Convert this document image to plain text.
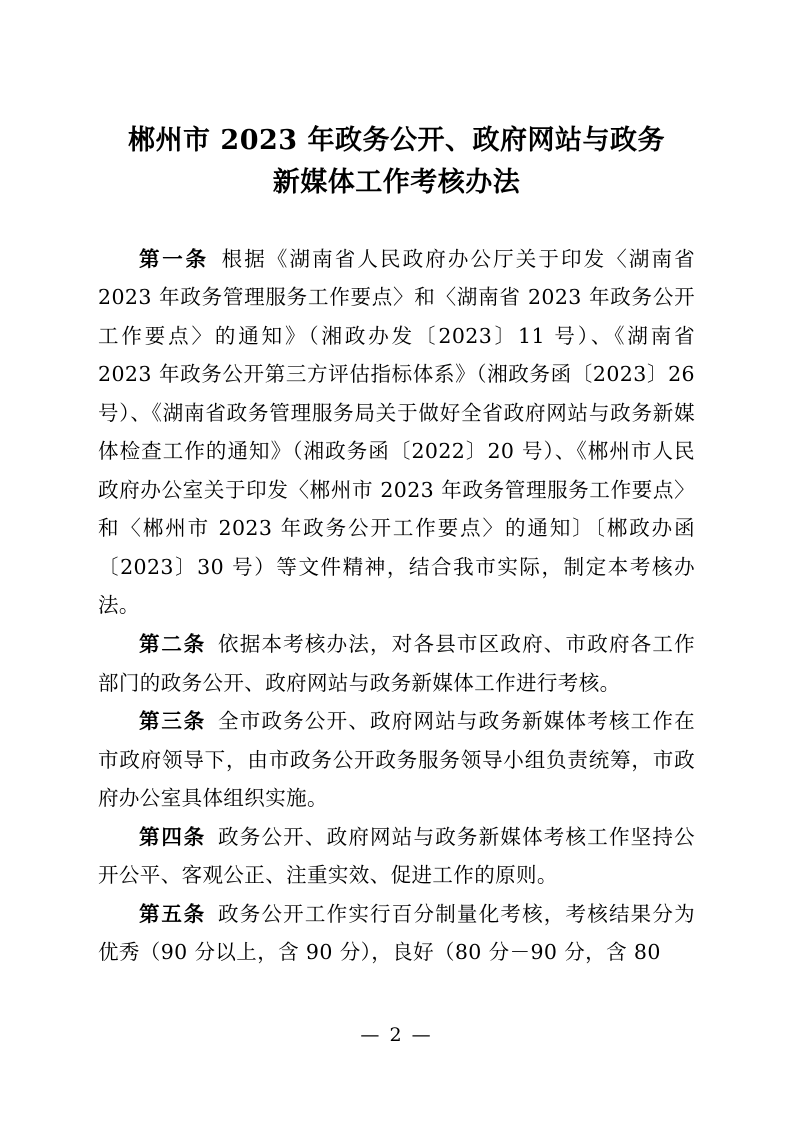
郴州市 2023 年政务公开、政府网站与政务
新媒体工作考核办法

第一条 根据《湖南省人民政府办公厅关于印发〈湖南省 2023 年政务管理服务工作要点〉和〈湖南省 2023 年政务公开工作要点〉的通知》（湘政办发〔2023〕11 号）、《湖南省 2023 年政务公开第三方评估指标体系》（湘政务函〔2023〕26 号）、《湖南省政务管理服务局关于做好全省政府网站与政务新媒体检查工作的通知》（湘政务函〔2022〕20 号）、《郴州市人民政府办公室关于印发〈郴州市 2023 年政务管理服务工作要点〉和〈郴州市 2023 年政务公开工作要点〉的通知〕〔郴政办函〔2023〕30 号）等文件精神，结合我市实际，制定本考核办法。

第二条 依据本考核办法，对各县市区政府、市政府各工作部门的政务公开、政府网站与政务新媒体工作进行考核。

第三条 全市政务公开、政府网站与政务新媒体考核工作在市政府领导下，由市政务公开政务服务领导小组负责统筹，市政府办公室具体组织实施。

第四条 政务公开、政府网站与政务新媒体考核工作坚持公开公平、客观公正、注重实效、促进工作的原则。

第五条 政务公开工作实行百分制量化考核，考核结果分为优秀（90 分以上，含 90 分），良好（80 分－90 分，含 80

— 2 —
